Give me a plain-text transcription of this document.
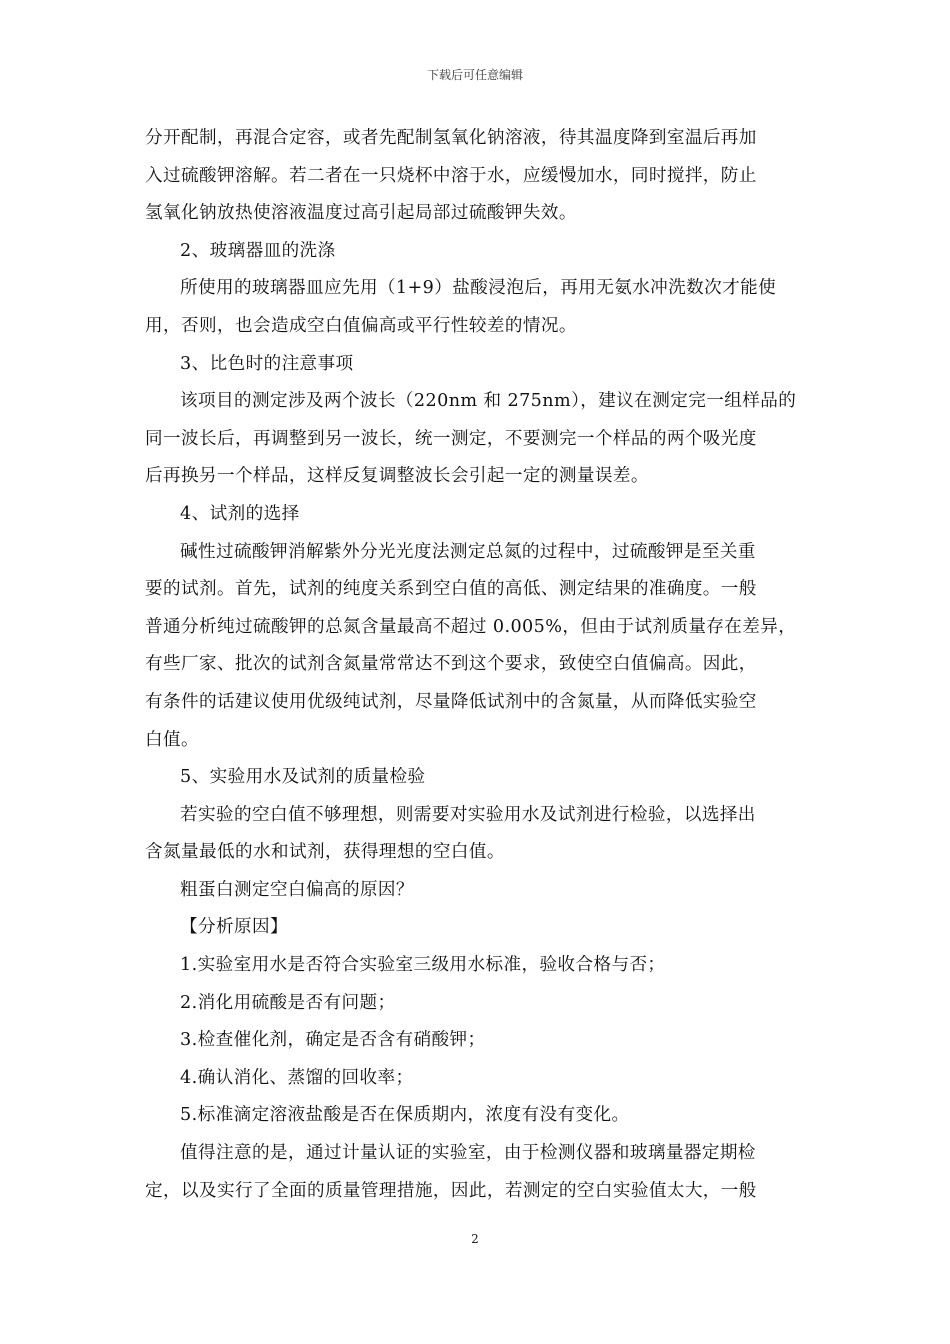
下载后可任意编辑
分开配制，再混合定容，或者先配制氢氧化钠溶液，待其温度降到室温后再加
入过硫酸钾溶解。若二者在一只烧杯中溶于水，应缓慢加水，同时搅拌，防止
氢氧化钠放热使溶液温度过高引起局部过硫酸钾失效。
2、玻璃器皿的洗涤
所使用的玻璃器皿应先用（1+9）盐酸浸泡后，再用无氨水冲洗数次才能使
用，否则，也会造成空白值偏高或平行性较差的情况。
3、比色时的注意事项
该项目的测定涉及两个波长（220nm 和 275nm），建议在测定完一组样品的
同一波长后，再调整到另一波长，统一测定，不要测完一个样品的两个吸光度
后再换另一个样品，这样反复调整波长会引起一定的测量误差。
4、试剂的选择
碱性过硫酸钾消解紫外分光光度法测定总氮的过程中，过硫酸钾是至关重
要的试剂。首先，试剂的纯度关系到空白值的高低、测定结果的准确度。一般
普通分析纯过硫酸钾的总氮含量最高不超过 0.005%，但由于试剂质量存在差异，
有些厂家、批次的试剂含氮量常常达不到这个要求，致使空白值偏高。因此，
有条件的话建议使用优级纯试剂，尽量降低试剂中的含氮量，从而降低实验空
白值。
5、实验用水及试剂的质量检验
若实验的空白值不够理想，则需要对实验用水及试剂进行检验，以选择出
含氮量最低的水和试剂，获得理想的空白值。
粗蛋白测定空白偏高的原因？
【分析原因】
1.实验室用水是否符合实验室三级用水标准，验收合格与否；
2.消化用硫酸是否有问题；
3.检查催化剂，确定是否含有硝酸钾；
4.确认消化、蒸馏的回收率；
5.标准滴定溶液盐酸是否在保质期内，浓度有没有变化。
值得注意的是，通过计量认证的实验室，由于检测仪器和玻璃量器定期检
定，以及实行了全面的质量管理措施，因此，若测定的空白实验值太大，一般
2
